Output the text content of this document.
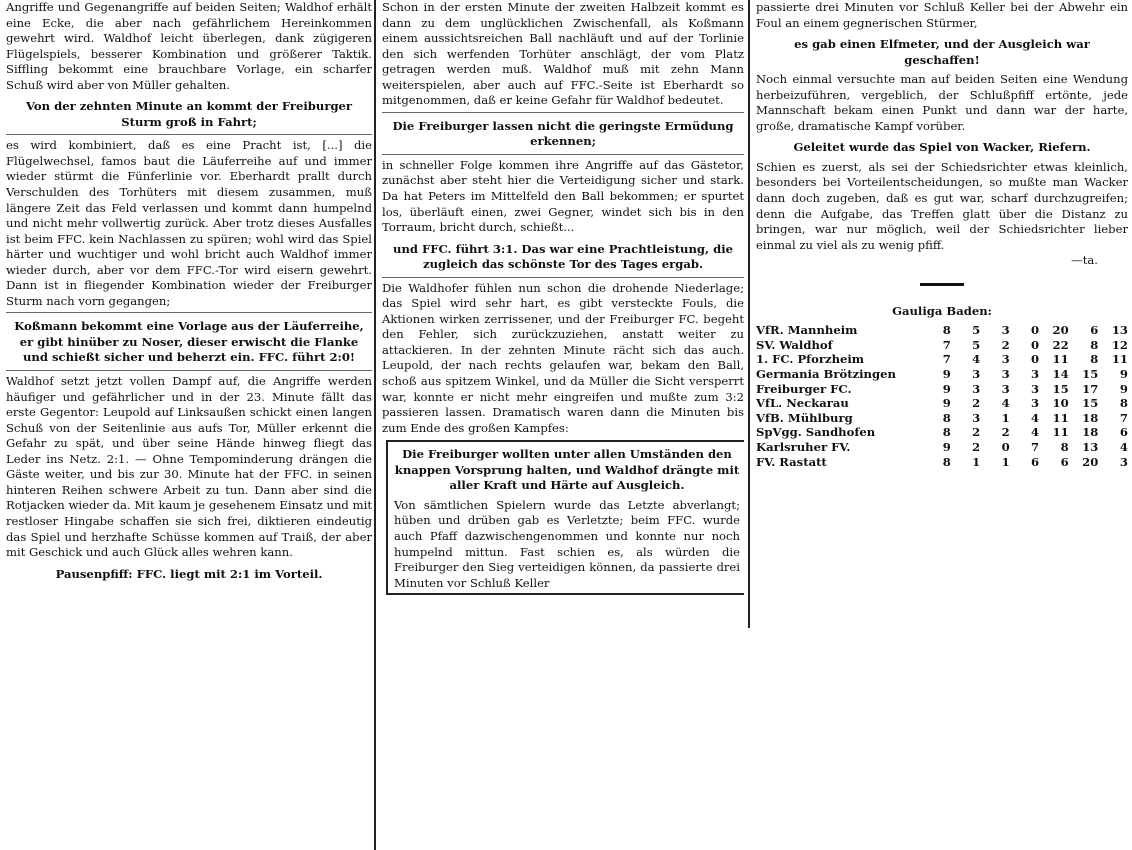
Angriffe und Gegenangriffe auf beiden Seiten; Waldhof erhält eine Ecke, die aber nach gefährlichem Hereinkommen gewehrt wird. Waldhof leicht überlegen, dank zügigeren Flügelspiels, besserer Kombination und größerer Taktik. Siffling bekommt eine brauchbare Vorlage, ein scharfer Schuß wird aber von Müller gehalten.

Von der zehnten Minute an kommt der Freiburger Sturm groß in Fahrt;

es wird kombiniert, daß es eine Pracht ist, [...] die Flügelwechsel, famos baut die Läuferreihe auf und immer wieder stürmt die Fünferlinie vor. Eberhardt prallt durch Verschulden des Torhüters mit diesem zusammen, muß längere Zeit das Feld verlassen und kommt dann humpelnd und nicht mehr vollwertig zurück. Aber trotz dieses Ausfalles ist beim FFC. kein Nachlassen zu spüren; wohl wird das Spiel härter und wuchtiger und wohl bricht auch Waldhof immer wieder durch, aber vor dem FFC.-Tor wird eisern gewehrt. Dann ist in fliegender Kombination wieder der Freiburger Sturm nach vorn gegangen;

Koßmann bekommt eine Vorlage aus der Läuferreihe, er gibt hinüber zu Noser, dieser erwischt die Flanke und schießt sicher und beherzt ein. FFC. führt 2:0!

Waldhof setzt jetzt vollen Dampf auf, die Angriffe werden häufiger und gefährlicher und in der 23. Minute fällt das erste Gegentor: Leupold auf Linksaußen schickt einen langen Schuß von der Seitenlinie aus aufs Tor, Müller erkennt die Gefahr zu spät, und über seine Hände hinweg fliegt das Leder ins Netz. 2:1. — Ohne Tempominderung drängen die Gäste weiter, und bis zur 30. Minute hat der FFC. in seinen hinteren Reihen schwere Arbeit zu tun. Dann aber sind die Rotjacken wieder da. Mit kaum je gesehenem Einsatz und mit restloser Hingabe schaffen sie sich frei, diktieren eindeutig das Spiel und herzhafte Schüsse kommen auf Traiß, der aber mit Geschick und auch Glück alles wehren kann.

Pausenpfiff: FFC. liegt mit 2:1 im Vorteil.

Schon in der ersten Minute der zweiten Halbzeit kommt es dann zu dem unglücklichen Zwischenfall, als Koßmann einem aussichtsreichen Ball nachläuft und auf der Torlinie den sich werfenden Torhüter anschlägt, der vom Platz getragen werden muß. Waldhof muß mit zehn Mann weiterspielen, aber auch auf FFC.-Seite ist Eberhardt so mitgenommen, daß er keine Gefahr für Waldhof bedeutet.

Die Freiburger lassen nicht die geringste Ermüdung erkennen;

in schneller Folge kommen ihre Angriffe auf das Gästetor, zunächst aber steht hier die Verteidigung sicher und stark. Da hat Peters im Mittelfeld den Ball bekommen; er spurtet los, überläuft einen, zwei Gegner, windet sich bis in den Torraum, bricht durch, schießt...

und FFC. führt 3:1. Das war eine Prachtleistung, die zugleich das schönste Tor des Tages ergab.

Die Waldhofer fühlen nun schon die drohende Niederlage; das Spiel wird sehr hart, es gibt versteckte Fouls, die Aktionen wirken zerrissener, und der Freiburger FC. begeht den Fehler, sich zurückzuziehen, anstatt weiter zu attackieren. In der zehnten Minute rächt sich das auch. Leupold, der nach rechts gelaufen war, bekam den Ball, schoß aus spitzem Winkel, und da Müller die Sicht versperrt war, konnte er nicht mehr eingreifen und mußte zum 3:2 passieren lassen. Dramatisch waren dann die Minuten bis zum Ende des großen Kampfes:

Die Freiburger wollten unter allen Umständen den knappen Vorsprung halten, und Waldhof drängte mit aller Kraft und Härte auf Ausgleich.

Von sämtlichen Spielern wurde das Letzte abverlangt; hüben und drüben gab es Verletzte; beim FFC. wurde auch Pfaff dazwischengenommen und konnte nur noch humpelnd mittun. Fast schien es, als würden die Freiburger den Sieg verteidigen können, da passierte drei Minuten vor Schluß Keller

passierte drei Minuten vor Schluß Keller bei der Abwehr ein Foul an einem gegnerischen Stürmer,

es gab einen Elfmeter, und der Ausgleich war geschaffen!

Noch einmal versuchte man auf beiden Seiten eine Wendung herbeizuführen, vergeblich, der Schlußpfiff ertönte, jede Mannschaft bekam einen Punkt und dann war der harte, große, dramatische Kampf vorüber.

Geleitet wurde das Spiel von Wacker, Riefern.

Schien es zuerst, als sei der Schiedsrichter etwas kleinlich, besonders bei Vorteilentscheidungen, so mußte man Wacker dann doch zugeben, daß es gut war, scharf durchzugreifen; denn die Aufgabe, das Treffen glatt über die Distanz zu bringen, war nur möglich, weil der Schiedsrichter lieber einmal zu viel als zu wenig pfiff.

—ta.
Gauliga Baden:
VfR. Mannheim	8	5	3	0	20	6	13
SV. Waldhof	7	5	2	0	22	8	12
1. FC. Pforzheim	7	4	3	0	11	8	11
Germania Brötzingen	9	3	3	3	14	15	9
Freiburger FC.	9	3	3	3	15	17	9
VfL. Neckarau	9	2	4	3	10	15	8
VfB. Mühlburg	8	3	1	4	11	18	7
SpVgg. Sandhofen	8	2	2	4	11	18	6
Karlsruher FV.	9	2	0	7	8	13	4
FV. Rastatt	8	1	1	6	6	20	3
